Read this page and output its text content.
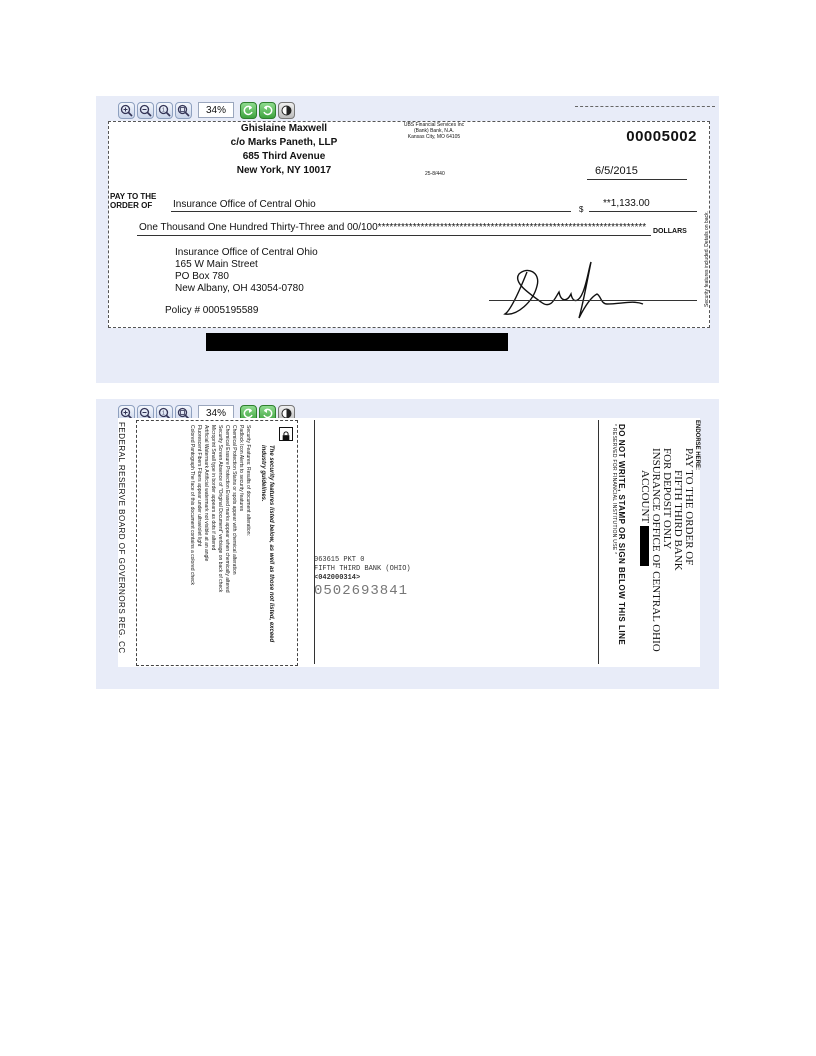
1	34%
Ghislaine Maxwell
c/o Marks Paneth, LLP
685 Third Avenue
New York, NY 10017
UBS Financial Services Inc
(Bank) Bank, N.A.
Kansas City, MO 64105
25-8/440
00005002
6/5/2015
PAY TO THE
ORDER OF	Insurance Office of Central Ohio	$
**1,133.00
One Thousand One Hundred Thirty-Three and 00/100********************************************************************* DOLLARS
Insurance Office of Central Ohio
165 W Main Street
PO Box 780
New Albany, OH 43054-0780
Policy # 0005195589
Security features included. Details on back.
1	34%
FEDERAL RESERVE BOARD OF GOVERNORS REG. CC	The security features listed below, as well as those not listed, exceed industry guidelines.
Security Features: Results of document alteration:
Padlock Icon Alerts to security features
Chemical Protection Stains or spots appear with chemical alteration
Chemical Erasure Protection Erased marks appear when chemically altered
Security Screen Absence of "Original Document" verbiage on back of check
Microprint Small type in border appears as dots if altered
Artificial Watermark Artificial watermark not visible at an angle
Fluorescent Fibers Fibers appear under ultraviolet light
Colored Pantograph The face of this document contains a colored check	063615 PKT 0
FIFTH THIRD BANK (OHIO)
<042000314>
0502693841	DO NOT WRITE, STAMP OR SIGN BELOW THIS LINE
* RESERVED FOR FINANCIAL INSTITUTION USE *	ENDORSE HERE:
PAY TO THE ORDER OF
FIFTH THIRD BANK
FOR DEPOSIT ONLY
INSURANCE OFFICE OF CENTRAL OHIO
ACCOUNT
